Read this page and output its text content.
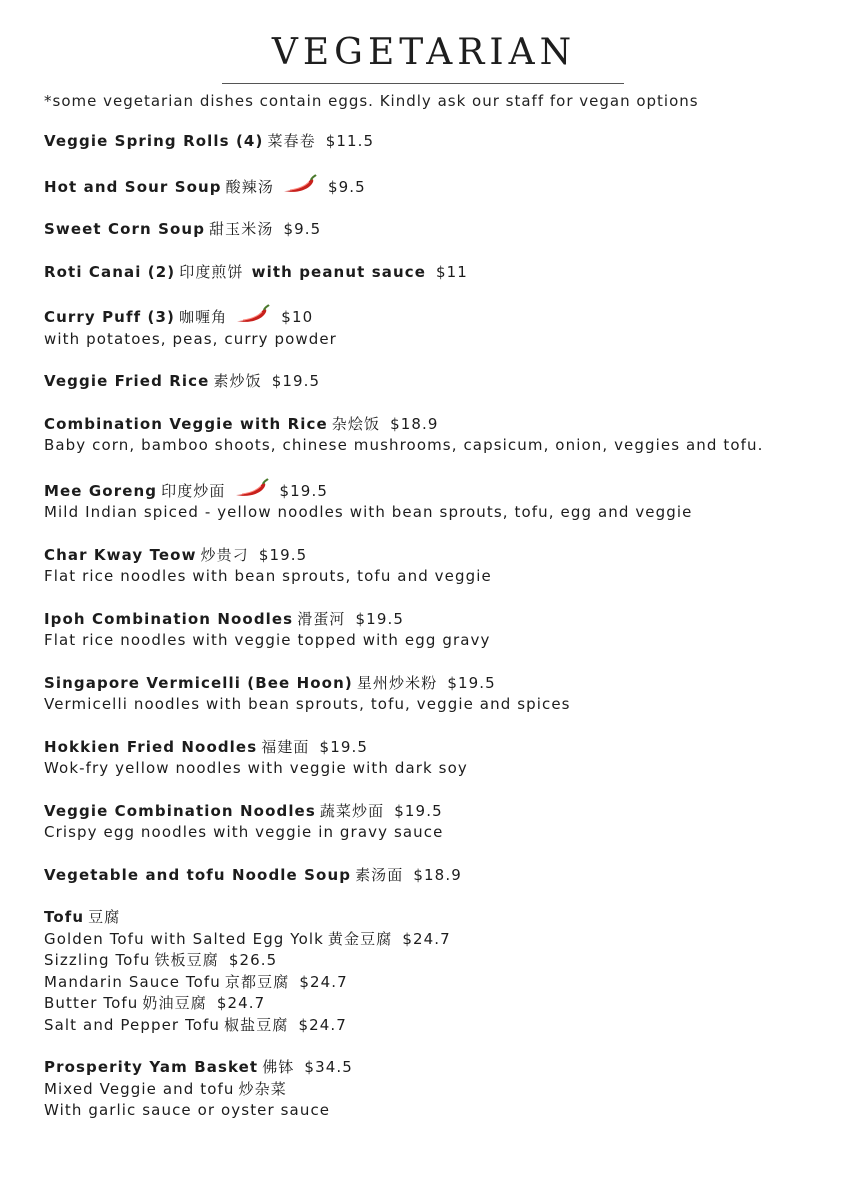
VEGETARIAN
*some vegetarian dishes contain eggs. Kindly ask our staff for vegan options
Veggie Spring Rolls (4) 菜春卷 $11.5
Hot and Sour Soup 酸辣汤	$9.5
Sweet Corn Soup 甜玉米汤 $9.5
Roti Canai (2) 印度煎饼 with peanut sauce $11
Curry Puff (3) 咖喱角	$10
with potatoes, peas, curry powder
Veggie Fried Rice 素炒饭 $19.5
Combination Veggie with Rice 杂烩饭 $18.9
Baby corn, bamboo shoots, chinese mushrooms, capsicum, onion, veggies and tofu.
Mee Goreng 印度炒面	$19.5
Mild Indian spiced - yellow noodles with bean sprouts, tofu, egg and veggie
Char Kway Teow 炒贵刁 $19.5
Flat rice noodles with bean sprouts, tofu and veggie
Ipoh Combination Noodles 滑蛋河 $19.5
Flat rice noodles with veggie topped with egg gravy
Singapore Vermicelli (Bee Hoon) 星州炒米粉 $19.5
Vermicelli noodles with bean sprouts, tofu, veggie and spices
Hokkien Fried Noodles 福建面 $19.5
Wok-fry yellow noodles with veggie with dark soy
Veggie Combination Noodles 蔬菜炒面 $19.5
Crispy egg noodles with veggie in gravy sauce
Vegetable and tofu Noodle Soup 素汤面 $18.9
Tofu 豆腐
Golden Tofu with Salted Egg Yolk 黄金豆腐 $24.7
Sizzling Tofu 铁板豆腐 $26.5
Mandarin Sauce Tofu 京都豆腐 $24.7
Butter Tofu 奶油豆腐 $24.7
Salt and Pepper Tofu 椒盐豆腐 $24.7
Prosperity Yam Basket 佛钵 $34.5
Mixed Veggie and tofu 炒杂菜
With garlic sauce or oyster sauce
